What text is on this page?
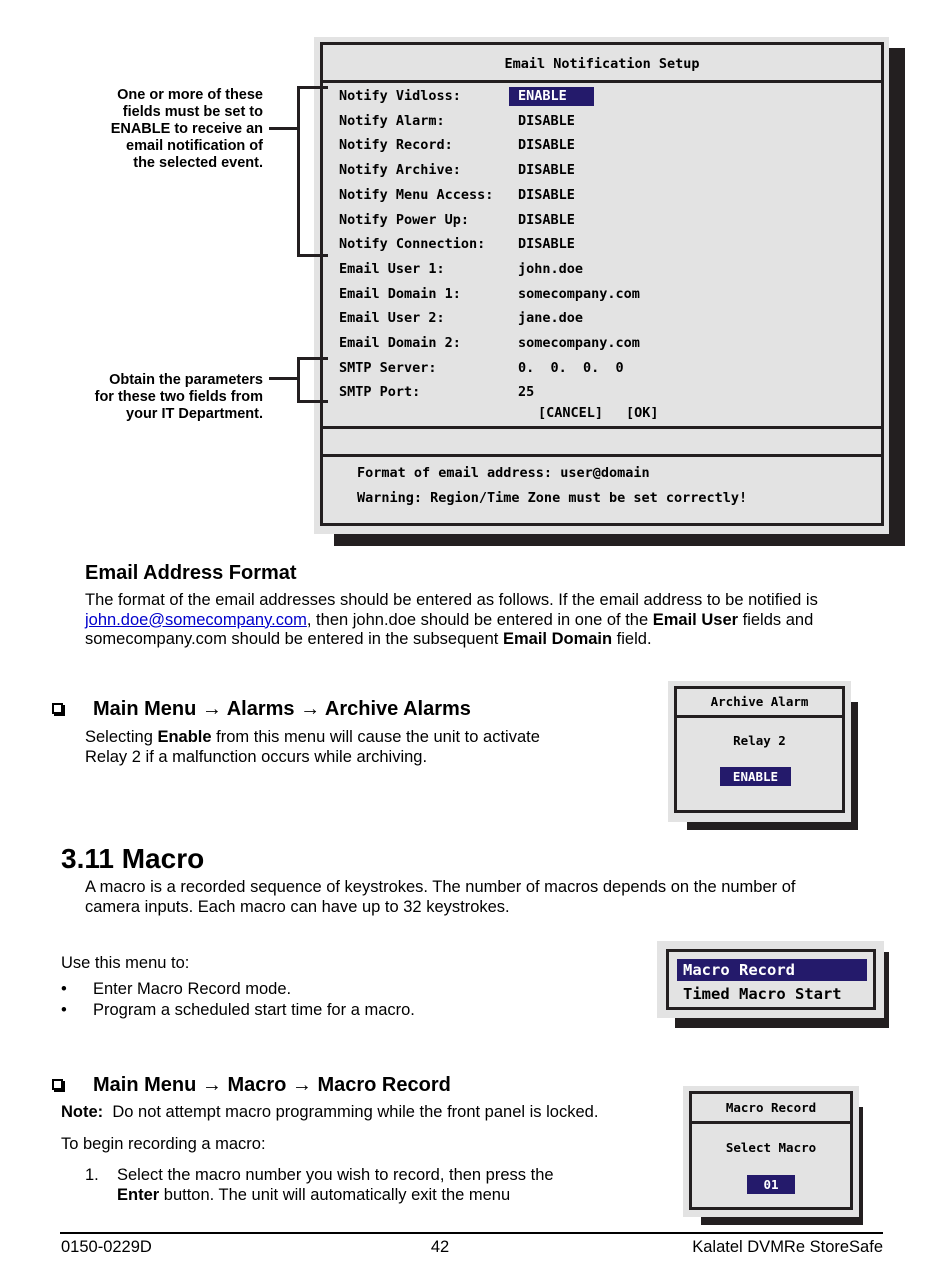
Email Notification Setup
Notify Vidloss:	ENABLE
Notify Alarm:	DISABLE
Notify Record:	DISABLE
Notify Archive:	DISABLE
Notify Menu Access: DISABLE
Notify Power Up:	DISABLE
Notify Connection: DISABLE
Email User 1:	john.doe
Email Domain 1:	somecompany.com
Email User 2:	jane.doe
Email Domain 2:	somecompany.com
SMTP Server:	0.  0.  0.  0
SMTP Port:	25
[CANCEL] [OK]
Format of email address: user@domain
Warning: Region/Time Zone must be set correctly!
One or more of these
fields must be set to
ENABLE to receive an
email notification of
the selected event.
Obtain the parameters
for these two fields from
your IT Department.
Email Address Format
The format of the email addresses should be entered as follows. If the email address to be notified is
john.doe@somecompany.com, then john.doe should be entered in one of the Email User fields and
somecompany.com should be entered in the subsequent Email Domain field.
Main Menu → Alarms → Archive Alarms
Selecting Enable from this menu will cause the unit to activate
Relay 2 if a malfunction occurs while archiving.
Archive Alarm
Relay 2
ENABLE
3.11 Macro
A macro is a recorded sequence of keystrokes. The number of macros depends on the number of
camera inputs. Each macro can have up to 32 keystrokes.
Use this menu to:
• Enter Macro Record mode.
• Program a scheduled start time for a macro.
Macro Record
Timed Macro Start
Main Menu → Macro → Macro Record
Note:  Do not attempt macro programming while the front panel is locked.
To begin recording a macro:
1. Select the macro number you wish to record, then press the
Enter button. The unit will automatically exit the menu
Macro Record
Select Macro
01
0150-0229D	42	Kalatel DVMRe StoreSafe
